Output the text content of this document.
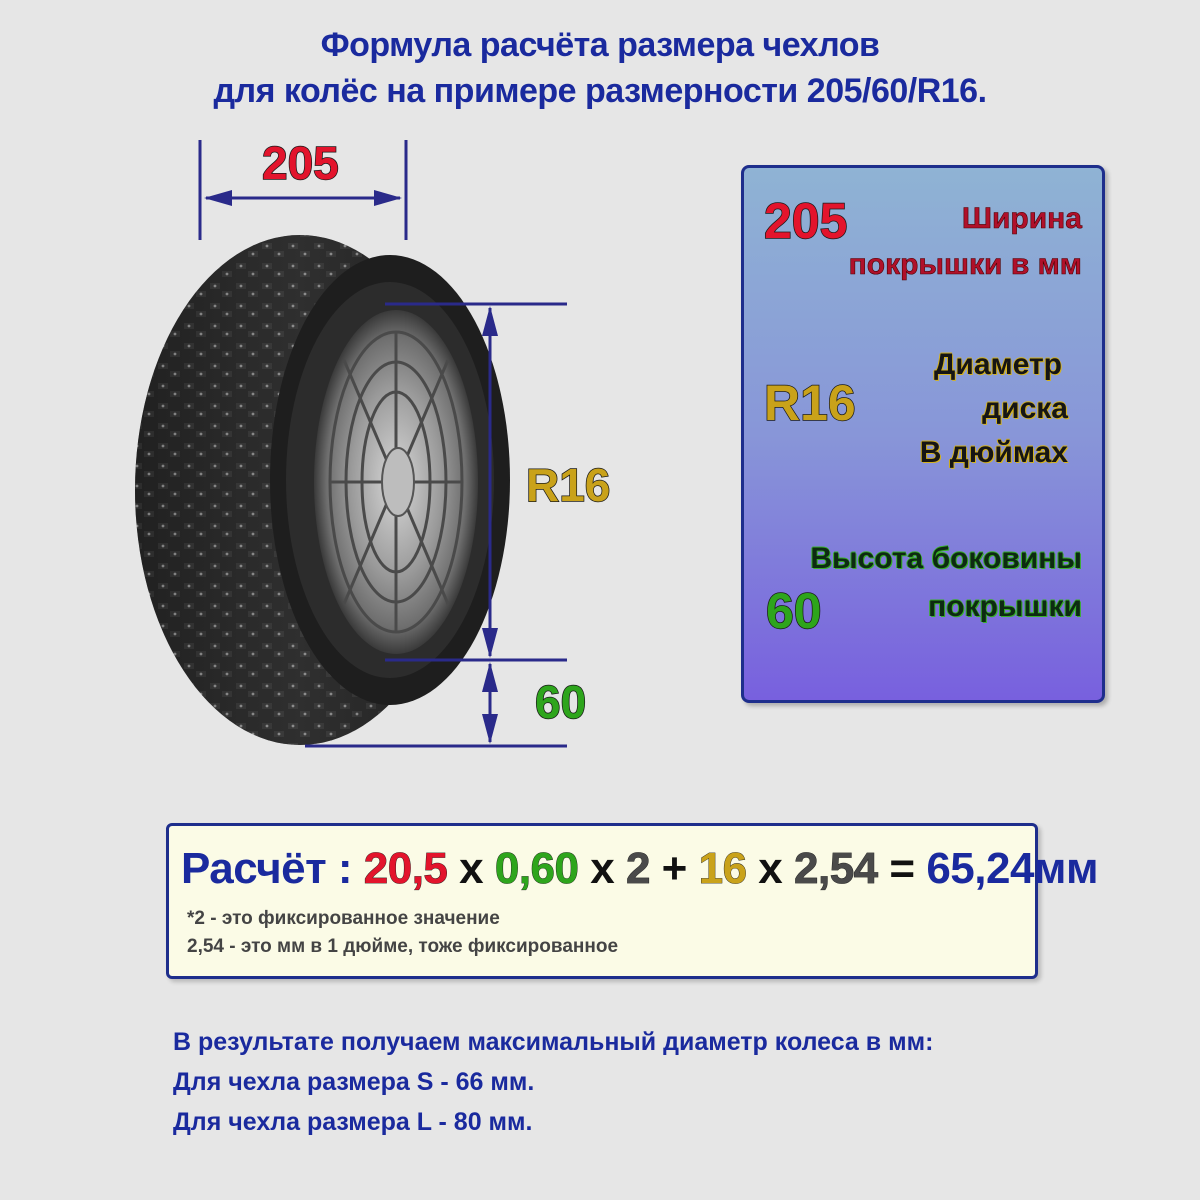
Формула расчёта размера чехлов
для колёс на примере размерности 205/60/R16.
205
R16
60
205	Ширина
покрышки в мм
R16
Диаметр
диска
В дюймах
60
Высота боковины
покрышки
Расчёт : 20,5 x 0,60 x 2 + 16 x 2,54 = 65,24мм
*2 - это фиксированное значение
2,54 - это мм в 1 дюйме, тоже фиксированное
В результате получаем максимальный диаметр колеса в мм:
Для чехла размера S - 66 мм.
Для чехла размера L - 80 мм.
